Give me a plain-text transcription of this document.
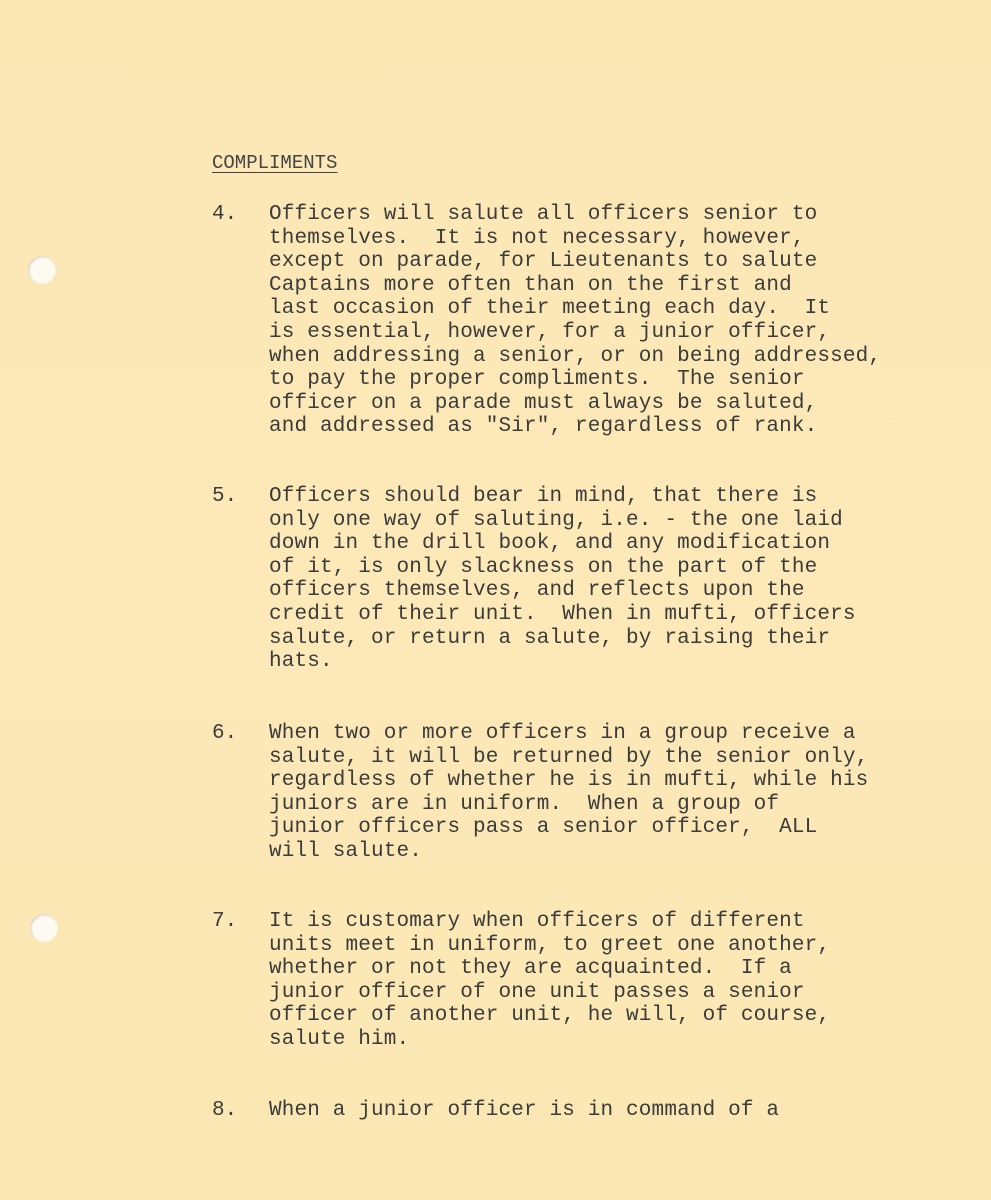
COMPLIMENTS
4. Officers will salute all officers senior to
themselves.  It is not necessary, however,
except on parade, for Lieutenants to salute
Captains more often than on the first and
last occasion of their meeting each day.  It
is essential, however, for a junior officer,
when addressing a senior, or on being addressed,
to pay the proper compliments.  The senior
officer on a parade must always be saluted,
and addressed as "Sir", regardless of rank.
5. Officers should bear in mind, that there is
only one way of saluting, i.e. - the one laid
down in the drill book, and any modification
of it, is only slackness on the part of the
officers themselves, and reflects upon the
credit of their unit.  When in mufti, officers
salute, or return a salute, by raising their
hats.
6. When two or more officers in a group receive a
salute, it will be returned by the senior only,
regardless of whether he is in mufti, while his
juniors are in uniform.  When a group of
junior officers pass a senior officer,  ALL
will salute.
7. It is customary when officers of different
units meet in uniform, to greet one another,
whether or not they are acquainted.  If a
junior officer of one unit passes a senior
officer of another unit, he will, of course,
salute him.
8. When a junior officer is in command of a
